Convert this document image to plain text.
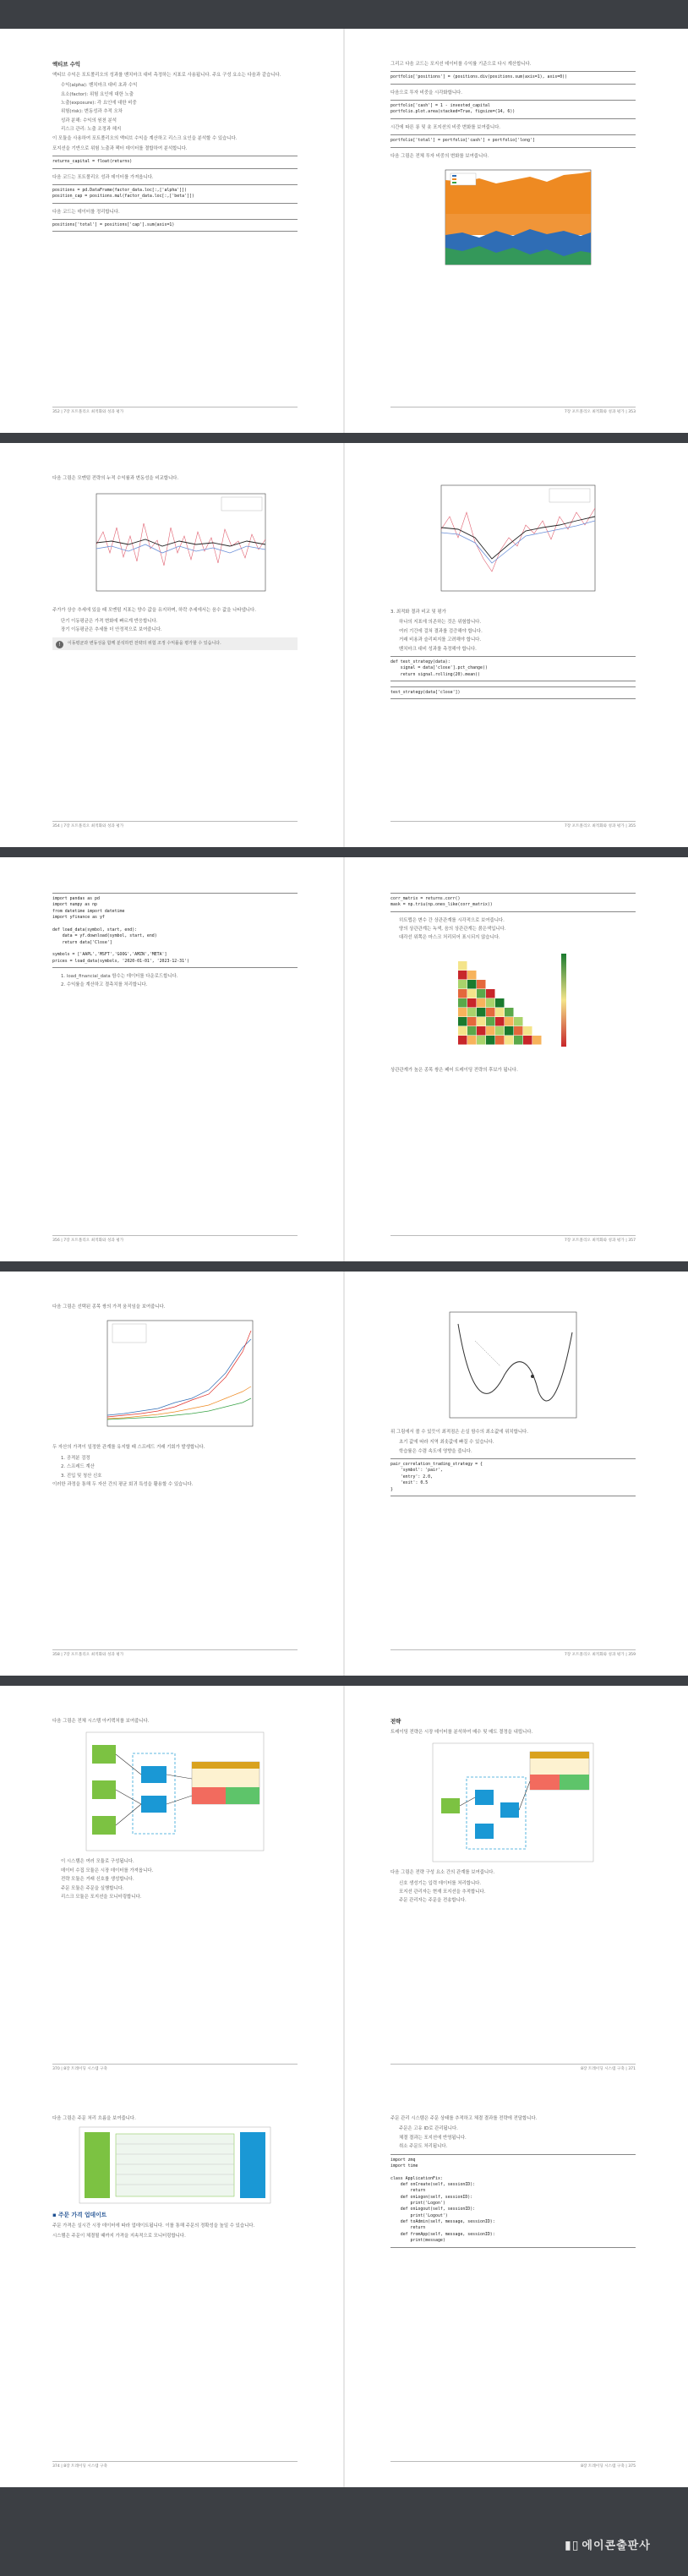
액티브 수익
액티브 수익은 포트폴리오의 성과를 벤치마크 대비 측정하는 지표로 사용됩니다. 주요 구성 요소는 다음과 같습니다.
수익(alpha): 벤치마크 대비 초과 수익
요소(factor): 위험 요인에 대한 노출
노출(exposure): 각 요인에 대한 비중
위험(risk): 변동성과 추적 오차
성과 분해: 수익의 원천 분석
리스크 관리: 노출 조정과 헤지
이 모듈을 사용하여 포트폴리오의 액티브 수익을 계산하고 리스크 요인을 분석할 수 있습니다.
포지션을 기반으로 위험 노출과 팩터 데이터를 결합하여 분석합니다.
returns_capital = float(returns)
다음 코드는 포트폴리오 성과 데이터를 가져옵니다.
positions = pd.DataFrame(factor_data.loc[:,['alpha']])
position_cap = positions.mul(factor_data.loc[:,['beta']])
다음 코드는 데이터를 정리합니다.
positions['total'] = positions['cap'].sum(axis=1)
352 | 7장 포트폴리오 최적화와 성과 평가
그리고 다음 코드는 포지션 데이터를 수익률 기준으로 다시 계산합니다.
portfolio['positions'] = (positions.div(positions.sum(axis=1), axis=0))
다음으로 투자 비중을 시각화합니다.
portfolio['cash'] = 1 - invested_capital
portfolio.plot.area(stacked=True, figsize=(14, 6))
시간에 따른 롱 및 숏 포지션의 비중 변화를 보여줍니다.
portfolio['total'] = portfolio['cash'] + portfolio['long']
다음 그림은 전체 투자 비중의 변화를 보여줍니다.
7장 포트폴리오 최적화와 성과 평가 | 353
다음 그림은 모멘텀 전략의 누적 수익률과 변동성을 비교합니다.
주가가 상승 추세에 있을 때 모멘텀 지표는 양수 값을 유지하며, 하락 추세에서는 음수 값을 나타냅니다.
단기 이동평균은 가격 변화에 빠르게 반응합니다.
장기 이동평균은 추세를 더 안정적으로 보여줍니다.
!	이동평균과 변동성을 함께 분석하면 전략의 위험 조정 수익률을 평가할 수 있습니다.
354 | 7장 포트폴리오 최적화와 성과 평가
3. 최적화 결과 비교 및 평가
하나의 지표에 의존하는 것은 위험합니다.
여러 기간에 걸쳐 결과를 검증해야 합니다.
거래 비용과 슬리피지를 고려해야 합니다.
벤치마크 대비 성과를 측정해야 합니다.
def test_strategy(data):
signal = data['close'].pct_change()
return signal.rolling(20).mean()
test_strategy(data['close'])
7장 포트폴리오 최적화와 성과 평가 | 355
import pandas as pd
import numpy as np
from datetime import datetime
import yfinance as yf

def load_data(symbol, start, end):
data = yf.download(symbol, start, end)
return data['Close']

symbols = ['AAPL','MSFT','GOOG','AMZN','META']
prices = load_data(symbols, '2020-01-01', '2023-12-31')
1. load_financial_data 함수는 데이터를 다운로드합니다.
2. 수익률을 계산하고 결측치를 처리합니다.
356 | 7장 포트폴리오 최적화와 성과 평가
corr_matrix = returns.corr()
mask = np.triu(np.ones_like(corr_matrix))
히트맵은 변수 간 상관관계를 시각적으로 보여줍니다.
양의 상관관계는 녹색, 음의 상관관계는 붉은색입니다.
대각선 위쪽은 마스크 처리되어 표시되지 않습니다.
상관관계가 높은 종목 쌍은 페어 트레이딩 전략의 후보가 됩니다.
7장 포트폴리오 최적화와 성과 평가 | 357
다음 그림은 선택된 종목 쌍의 가격 움직임을 보여줍니다.
두 자산의 가격이 일정한 관계를 유지할 때 스프레드 거래 기회가 발생합니다.
1. 공적분 검정
2. 스프레드 계산
3. 진입 및 청산 신호
이러한 과정을 통해 두 자산 간의 평균 회귀 특성을 활용할 수 있습니다.
358 | 7장 포트폴리오 최적화와 성과 평가
위 그림에서 볼 수 있듯이 최적점은 손실 함수의 최소값에 위치합니다.
초기 값에 따라 지역 최솟값에 빠질 수 있습니다.
학습률은 수렴 속도에 영향을 줍니다.
pair_correlation_trading_strategy = {
'symbol': 'pair',
'entry': 2.0,
'exit': 0.5
}
7장 포트폴리오 최적화와 성과 평가 | 359
다음 그림은 전체 시스템 아키텍처를 보여줍니다.
이 시스템은 여러 모듈로 구성됩니다.
데이터 수집 모듈은 시장 데이터를 가져옵니다.
전략 모듈은 거래 신호를 생성합니다.
주문 모듈은 주문을 실행합니다.
리스크 모듈은 포지션을 모니터링합니다.
370 | 8장 트레이딩 시스템 구축
전략
트레이딩 전략은 시장 데이터를 분석하여 매수 및 매도 결정을 내립니다.
다음 그림은 전략 구성 요소 간의 관계를 보여줍니다.
신호 생성기는 입력 데이터를 처리합니다.
포지션 관리자는 현재 포지션을 추적합니다.
주문 관리자는 주문을 전송합니다.
8장 트레이딩 시스템 구축 | 371
다음 그림은 주문 처리 흐름을 보여줍니다.
▪ 주문 가격 업데이트
주문 가격은 실시간 시장 데이터에 따라 업데이트됩니다. 이를 통해 주문의 정확성을 높일 수 있습니다.
시스템은 주문이 체결될 때까지 가격을 지속적으로 모니터링합니다.
374 | 8장 트레이딩 시스템 구축
주문 관리 시스템은 주문 상태를 추적하고 체결 결과를 전략에 전달합니다.
주문은 고유 ID로 관리됩니다.
체결 결과는 포지션에 반영됩니다.
취소 주문도 처리됩니다.
import zmq
import time

class ApplicationFix:
def onCreate(self, sessionID):
return
def onLogon(self, sessionID):
print('Logon')
def onLogout(self, sessionID):
print('Logout')
def toAdmin(self, message, sessionID):
return
def fromApp(self, message, sessionID):
print(message)
8장 트레이딩 시스템 구축 | 375
▮▯ 에이콘출판사
